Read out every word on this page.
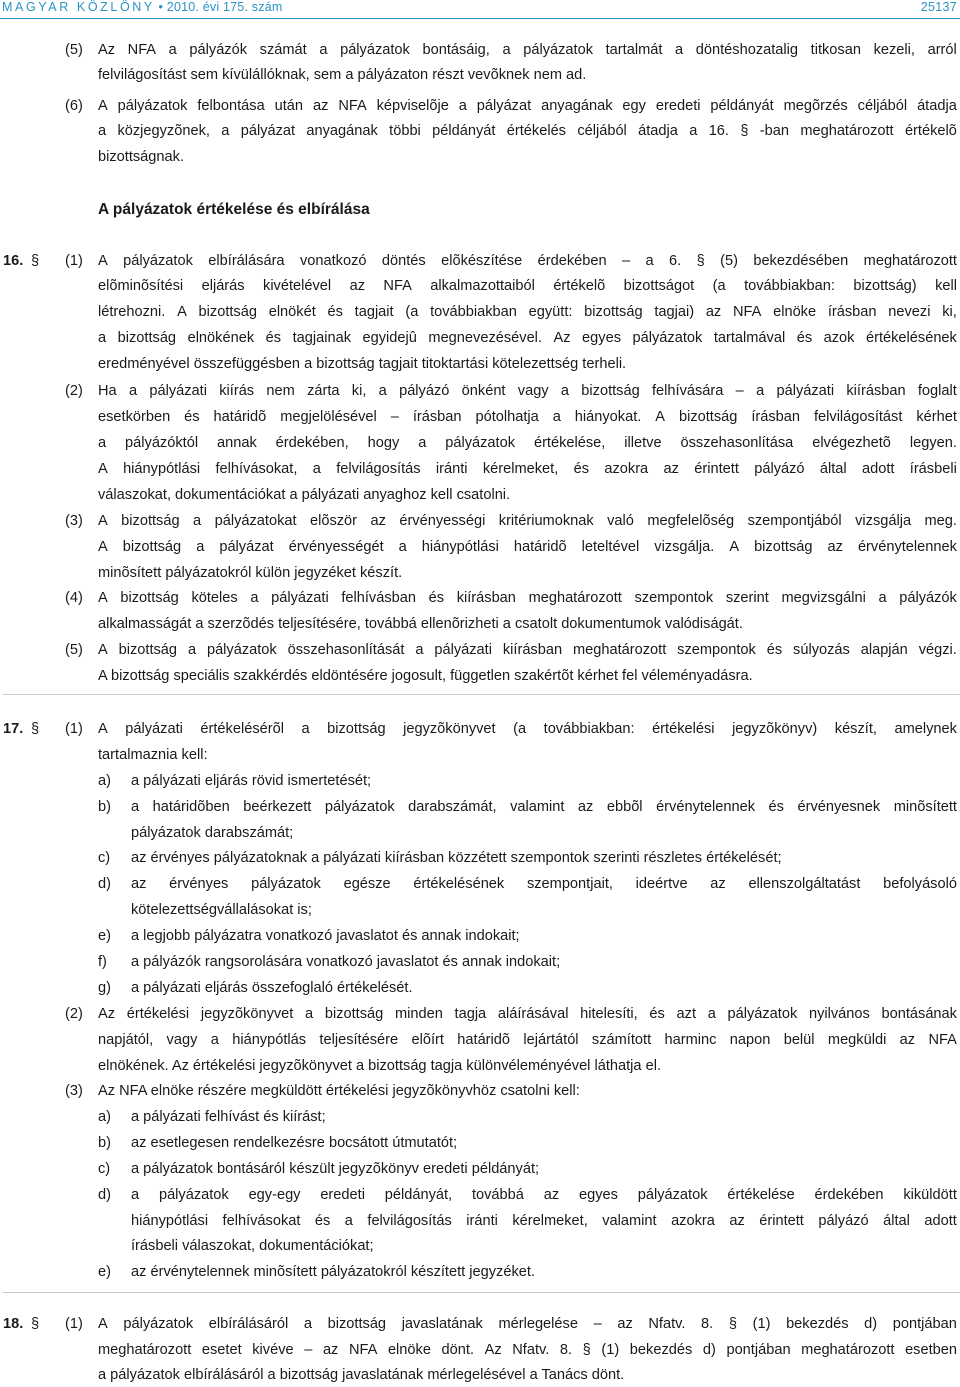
MAGYAR KÖZLÖNY • 2010. évi 175. szám	25137
(5) Az NFA a pályázók számát a pályázatok bontásáig, a pályázatok tartalmát a döntéshozatalig titkosan kezeli, arról
felvilágosítást sem kívülállóknak, sem a pályázaton részt vevõknek nem ad.
(6) A pályázatok felbontása után az NFA képviselõje a pályázat anyagának egy eredeti példányát megõrzés céljából átadja
a közjegyzõnek, a pályázat anyagának többi példányát értékelés céljából átadja a 16. § -ban meghatározott értékelõ
bizottságnak.
A pályázatok értékelése és elbírálása
16. § (1) A pályázatok elbírálására vonatkozó döntés elõkészítése érdekében – a 6. § (5) bekezdésében meghatározott
elõminõsítési eljárás kivételével az NFA alkalmazottaiból értékelõ bizottságot (a továbbiakban: bizottság) kell
létrehozni. A bizottság elnökét és tagjait (a továbbiakban együtt: bizottság tagjai) az NFA elnöke írásban nevezi ki,
a bizottság elnökének és tagjainak egyidejû megnevezésével. Az egyes pályázatok tartalmával és azok értékelésének
eredményével összefüggésben a bizottság tagjait titoktartási kötelezettség terheli.
(2) Ha a pályázati kiírás nem zárta ki, a pályázó önként vagy a bizottság felhívására – a pályázati kiírásban foglalt
esetkörben és határidõ megjelölésével – írásban pótolhatja a hiányokat. A bizottság írásban felvilágosítást kérhet
a pályázóktól annak érdekében, hogy a pályázatok értékelése, illetve összehasonlítása elvégezhetõ legyen.
A hiánypótlási felhívásokat, a felvilágosítás iránti kérelmeket, és azokra az érintett pályázó által adott írásbeli
válaszokat, dokumentációkat a pályázati anyaghoz kell csatolni.
(3) A bizottság a pályázatokat elõször az érvényességi kritériumoknak való megfelelõség szempontjából vizsgálja meg.
A bizottság a pályázat érvényességét a hiánypótlási határidõ leteltével vizsgálja. A bizottság az érvénytelennek
minõsített pályázatokról külön jegyzéket készít.
(4) A bizottság köteles a pályázati felhívásban és kiírásban meghatározott szempontok szerint megvizsgálni a pályázók
alkalmasságát a szerzõdés teljesítésére, továbbá ellenõrizheti a csatolt dokumentumok valódiságát.
(5) A bizottság a pályázatok összehasonlítását a pályázati kiírásban meghatározott szempontok és súlyozás alapján végzi.
A bizottság speciális szakkérdés eldöntésére jogosult, független szakértõt kérhet fel véleményadásra.
17. § (1) A pályázati értékelésérõl a bizottság jegyzõkönyvet (a továbbiakban: értékelési jegyzõkönyv) készít, amelynek
tartalmaznia kell:
a) a pályázati eljárás rövid ismertetését;
b) a határidõben beérkezett pályázatok darabszámát, valamint az ebbõl érvénytelennek és érvényesnek minõsített
pályázatok darabszámát;
c) az érvényes pályázatoknak a pályázati kiírásban közzétett szempontok szerinti részletes értékelését;
d) az érvényes pályázatok egésze értékelésének szempontjait, ideértve az ellenszolgáltatást befolyásoló
kötelezettségvállalásokat is;
e) a legjobb pályázatra vonatkozó javaslatot és annak indokait;
f) a pályázók rangsorolására vonatkozó javaslatot és annak indokait;
g) a pályázati eljárás összefoglaló értékelését.
(2) Az értékelési jegyzõkönyvet a bizottság minden tagja aláírásával hitelesíti, és azt a pályázatok nyilvános bontásának
napjától, vagy a hiánypótlás teljesítésére elõírt határidõ lejártától számított harminc napon belül megküldi az NFA
elnökének. Az értékelési jegyzõkönyvet a bizottság tagja különvéleményével láthatja el.
(3) Az NFA elnöke részére megküldött értékelési jegyzõkönyvhöz csatolni kell:
a) a pályázati felhívást és kiírást;
b) az esetlegesen rendelkezésre bocsátott útmutatót;
c) a pályázatok bontásáról készült jegyzõkönyv eredeti példányát;
d) a pályázatok egy-egy eredeti példányát, továbbá az egyes pályázatok értékelése érdekében kiküldött
hiánypótlási felhívásokat és a felvilágosítás iránti kérelmeket, valamint azokra az érintett pályázó által adott
írásbeli válaszokat, dokumentációkat;
e) az érvénytelennek minõsített pályázatokról készített jegyzéket.
18. § (1) A pályázatok elbírálásáról a bizottság javaslatának mérlegelése – az Nfatv. 8. § (1) bekezdés d) pontjában
meghatározott esetet kivéve – az NFA elnöke dönt. Az Nfatv. 8. § (1) bekezdés d) pontjában meghatározott esetben
a pályázatok elbírálásáról a bizottság javaslatának mérlegelésével a Tanács dönt.
